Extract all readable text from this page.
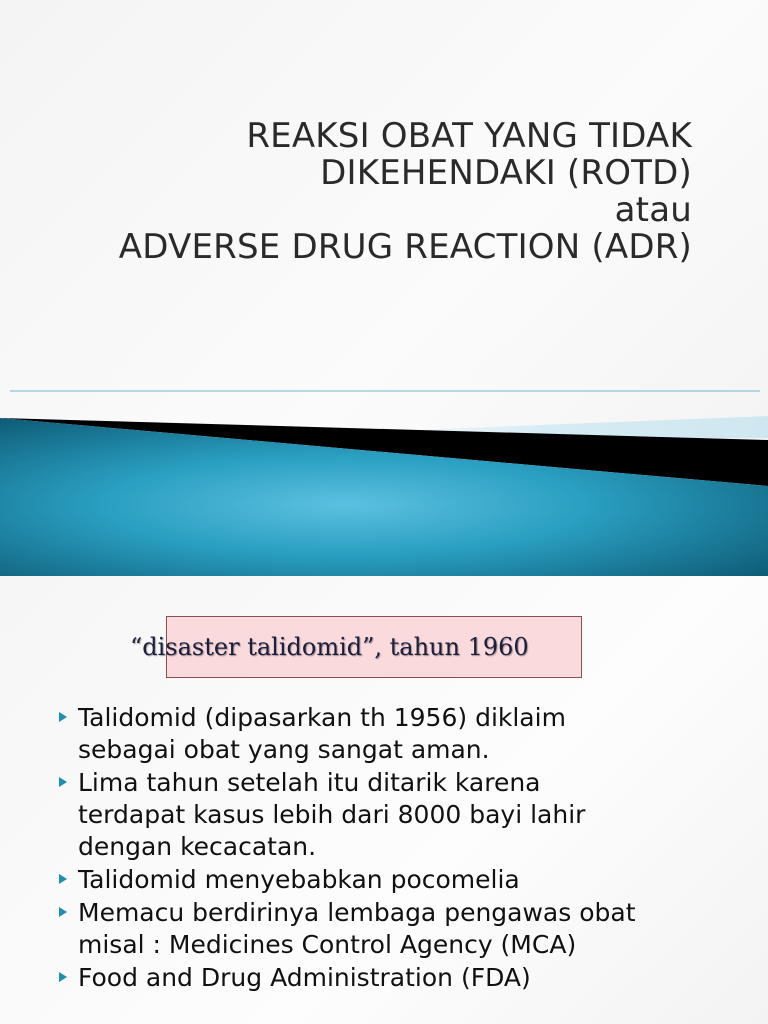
REAKSI OBAT YANG TIDAK
DIKEHENDAKI (ROTD)
atau
ADVERSE DRUG REACTION (ADR)
“disaster talidomid”, tahun 1960
Talidomid (dipasarkan th 1956) diklaim
sebagai obat yang sangat aman.
Lima tahun setelah itu ditarik karena
terdapat kasus lebih dari 8000 bayi lahir
dengan kecacatan.
Talidomid menyebabkan pocomelia
Memacu berdirinya lembaga pengawas obat
misal : Medicines Control Agency (MCA)
Food and Drug Administration (FDA)
